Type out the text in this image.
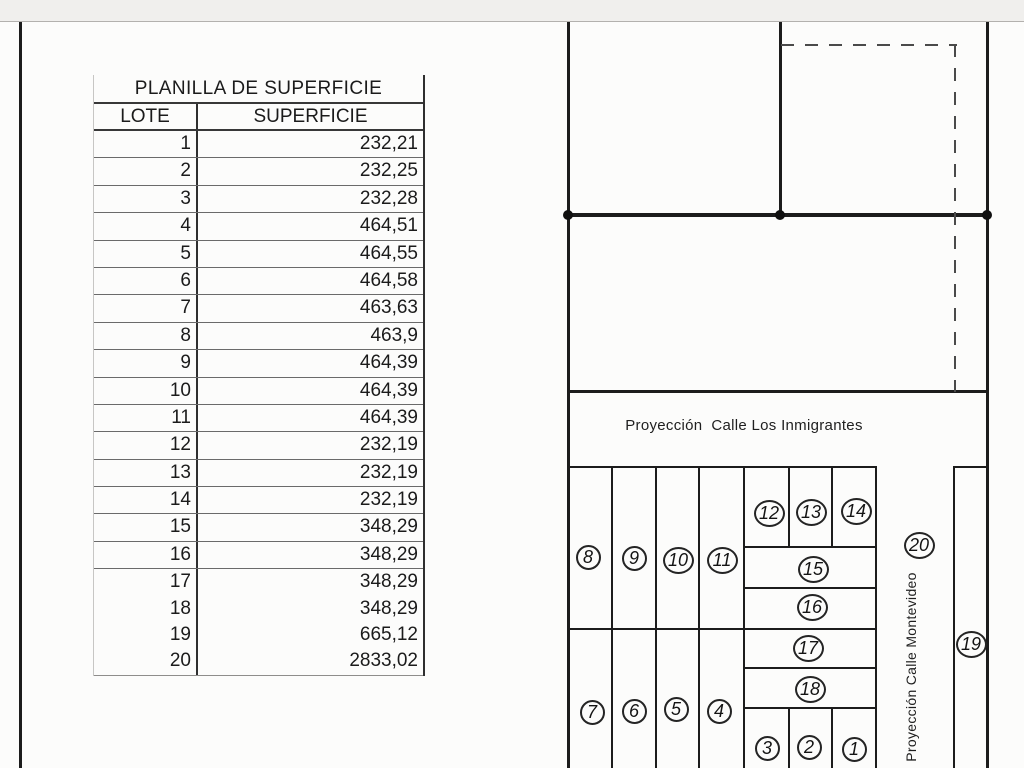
PLANILLA DE SUPERFICIE
LOTE	SUPERFICIE
1	232,21
2	232,25
3	232,28
4	464,51
5	464,55
6	464,58
7	463,63
8	463,9
9	464,39
10	464,39
11	464,39
12	232,19
13	232,19
14	232,19
15	348,29
16	348,29
17	348,29
18	348,29
19	665,12
20	2833,02
Proyección  Calle Los Inmigrantes
Proyección Calle Montevideo
1
2
3
4
5
6
7
8	9	10	11
12	13	14
15
16
17
18
19
20
